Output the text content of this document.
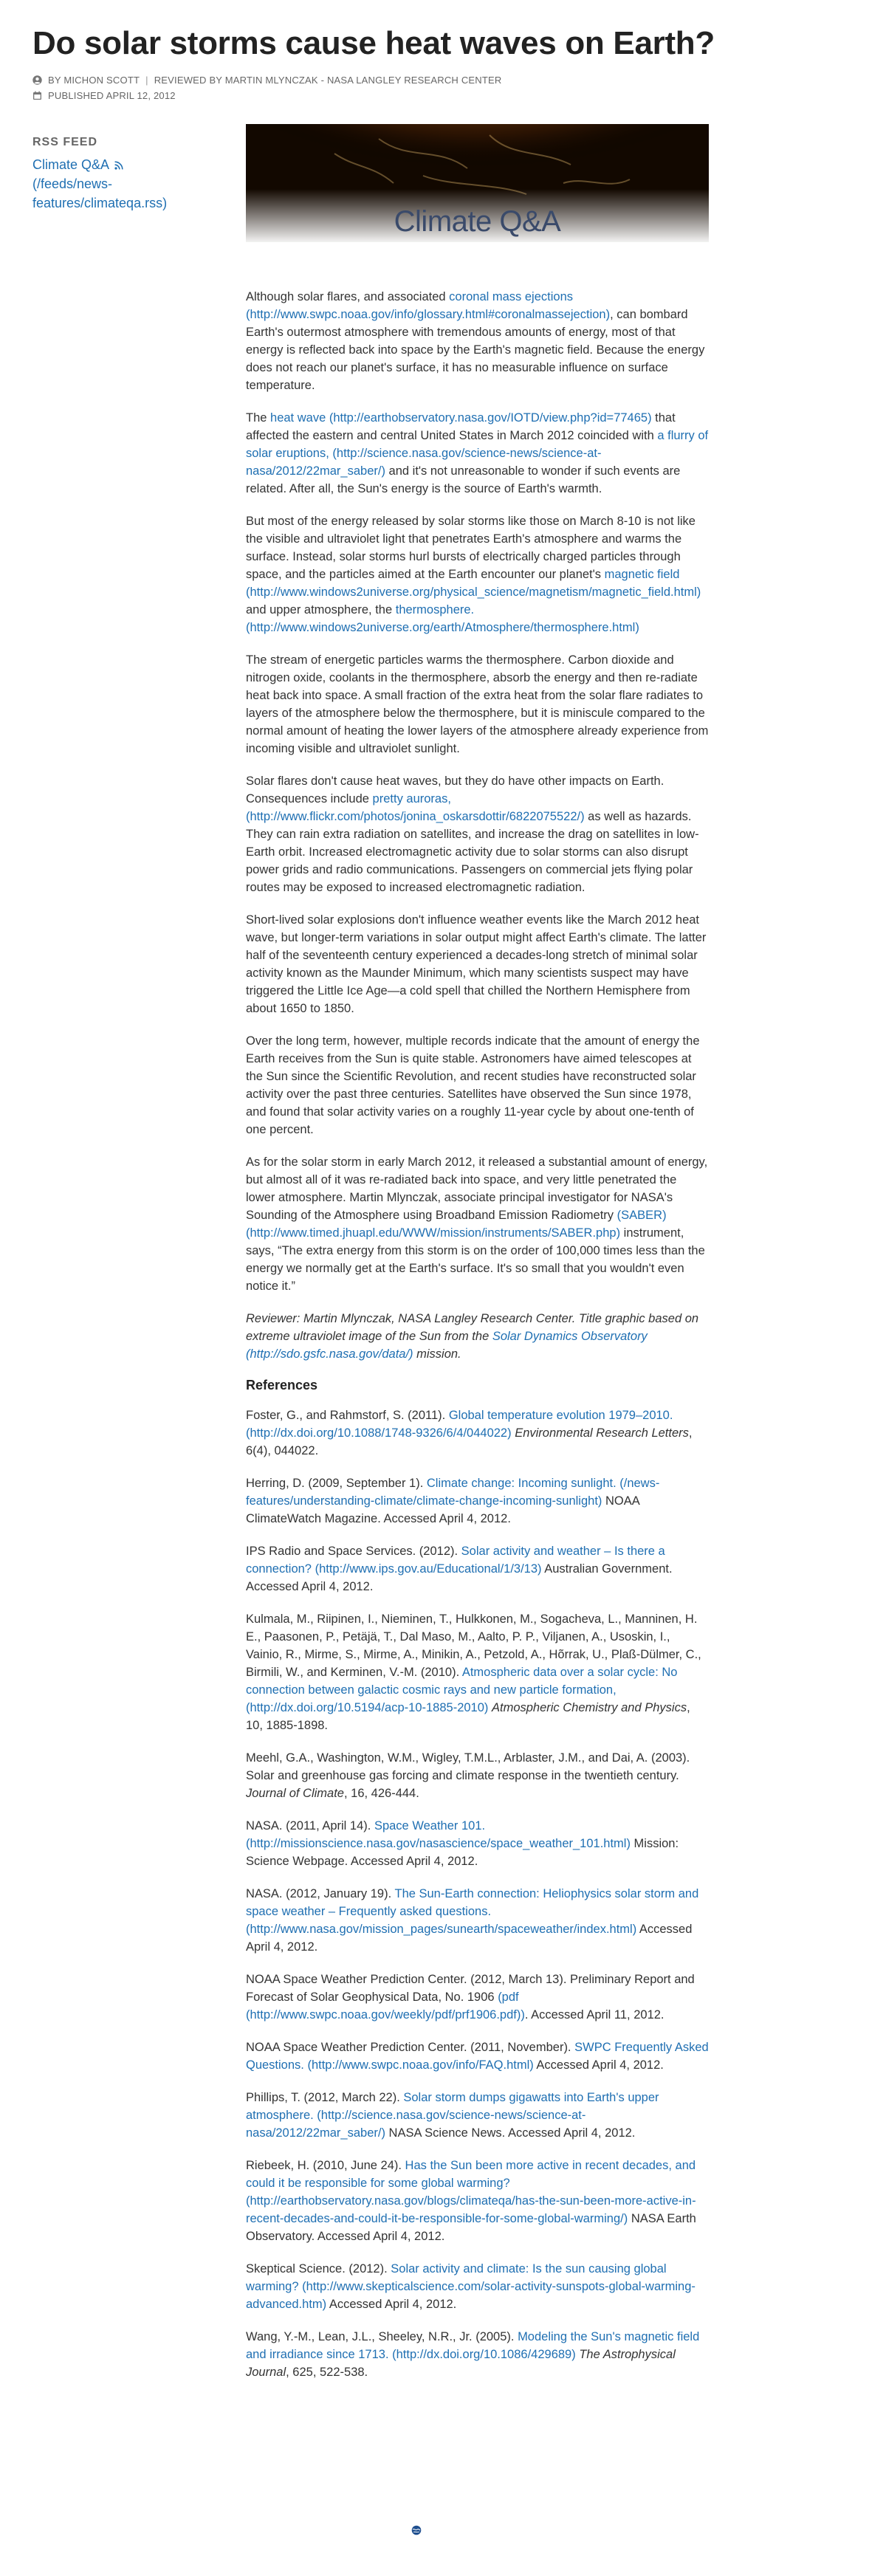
Do solar storms cause heat waves on Earth?
BY MICHON SCOTT | REVIEWED BY MARTIN MLYNCZAK - NASA LANGLEY RESEARCH CENTER
PUBLISHED APRIL 12, 2012
RSS FEED
Climate Q&A
(/feeds/news-features/climateqa.rss)
Climate Q&A

Although solar flares, and associated coronal mass ejections (http://www.swpc.noaa.gov/info/glossary.html#coronalmassejection), can bombard Earth's outermost atmosphere with tremendous amounts of energy, most of that energy is reflected back into space by the Earth's magnetic field. Because the energy does not reach our planet's surface, it has no measurable influence on surface temperature.

The heat wave (http://earthobservatory.nasa.gov/IOTD/view.php?id=77465) that affected the eastern and central United States in March 2012 coincided with a flurry of solar eruptions, (http://science.nasa.gov/science-news/science-at-nasa/2012/22mar_saber/) and it's not unreasonable to wonder if such events are related. After all, the Sun's energy is the source of Earth's warmth.

But most of the energy released by solar storms like those on March 8-10 is not like the visible and ultraviolet light that penetrates Earth's atmosphere and warms the surface. Instead, solar storms hurl bursts of electrically charged particles through space, and the particles aimed at the Earth encounter our planet's magnetic field (http://www.windows2universe.org/physical_science/magnetism/magnetic_field.html) and upper atmosphere, the thermosphere. (http://www.windows2universe.org/earth/Atmosphere/thermosphere.html)

The stream of energetic particles warms the thermosphere. Carbon dioxide and nitrogen oxide, coolants in the thermosphere, absorb the energy and then re-radiate heat back into space. A small fraction of the extra heat from the solar flare radiates to layers of the atmosphere below the thermosphere, but it is miniscule compared to the normal amount of heating the lower layers of the atmosphere already experience from incoming visible and ultraviolet sunlight.

Solar flares don't cause heat waves, but they do have other impacts on Earth. Consequences include pretty auroras, (http://www.flickr.com/photos/jonina_oskarsdottir/6822075522/) as well as hazards. They can rain extra radiation on satellites, and increase the drag on satellites in low-Earth orbit. Increased electromagnetic activity due to solar storms can also disrupt power grids and radio communications. Passengers on commercial jets flying polar routes may be exposed to increased electromagnetic radiation.

Short-lived solar explosions don't influence weather events like the March 2012 heat wave, but longer-term variations in solar output might affect Earth's climate. The latter half of the seventeenth century experienced a decades-long stretch of minimal solar activity known as the Maunder Minimum, which many scientists suspect may have triggered the Little Ice Age—a cold spell that chilled the Northern Hemisphere from about 1650 to 1850.

Over the long term, however, multiple records indicate that the amount of energy the Earth receives from the Sun is quite stable. Astronomers have aimed telescopes at the Sun since the Scientific Revolution, and recent studies have reconstructed solar activity over the past three centuries. Satellites have observed the Sun since 1978, and found that solar activity varies on a roughly 11-year cycle by about one-tenth of one percent.

As for the solar storm in early March 2012, it released a substantial amount of energy, but almost all of it was re-radiated back into space, and very little penetrated the lower atmosphere. Martin Mlynczak, associate principal investigator for NASA's Sounding of the Atmosphere using Broadband Emission Radiometry (SABER) (http://www.timed.jhuapl.edu/WWW/mission/instruments/SABER.php) instrument, says, “The extra energy from this storm is on the order of 100,000 times less than the energy we normally get at the Earth's surface. It's so small that you wouldn't even notice it.”

Reviewer: Martin Mlynczak, NASA Langley Research Center. Title graphic based on extreme ultraviolet image of the Sun from the Solar Dynamics Observatory (http://sdo.gsfc.nasa.gov/data/) mission.

References

Foster, G., and Rahmstorf, S. (2011). Global temperature evolution 1979–2010. (http://dx.doi.org/10.1088/1748-9326/6/4/044022) Environmental Research Letters, 6(4), 044022.

Herring, D. (2009, September 1). Climate change: Incoming sunlight. (/news-features/understanding-climate/climate-change-incoming-sunlight) NOAA ClimateWatch Magazine. Accessed April 4, 2012.

IPS Radio and Space Services. (2012). Solar activity and weather – Is there a connection? (http://www.ips.gov.au/Educational/1/3/13) Australian Government. Accessed April 4, 2012.

Kulmala, M., Riipinen, I., Nieminen, T., Hulkkonen, M., Sogacheva, L., Manninen, H. E., Paasonen, P., Petäjä, T., Dal Maso, M., Aalto, P. P., Viljanen, A., Usoskin, I., Vainio, R., Mirme, S., Mirme, A., Minikin, A., Petzold, A., Hõrrak, U., Plaß-Dülmer, C., Birmili, W., and Kerminen, V.-M. (2010). Atmospheric data over a solar cycle: No connection between galactic cosmic rays and new particle formation, (http://dx.doi.org/10.5194/acp-10-1885-2010) Atmospheric Chemistry and Physics, 10, 1885-1898.

Meehl, G.A., Washington, W.M., Wigley, T.M.L., Arblaster, J.M., and Dai, A. (2003). Solar and greenhouse gas forcing and climate response in the twentieth century. Journal of Climate, 16, 426-444.

NASA. (2011, April 14). Space Weather 101. (http://missionscience.nasa.gov/nasascience/space_weather_101.html) Mission: Science Webpage. Accessed April 4, 2012.

NASA. (2012, January 19). The Sun-Earth connection: Heliophysics solar storm and space weather – Frequently asked questions. (http://www.nasa.gov/mission_pages/sunearth/spaceweather/index.html) Accessed April 4, 2012.

NOAA Space Weather Prediction Center. (2012, March 13). Preliminary Report and Forecast of Solar Geophysical Data, No. 1906 (pdf (http://www.swpc.noaa.gov/weekly/pdf/prf1906.pdf)). Accessed April 11, 2012.

NOAA Space Weather Prediction Center. (2011, November). SWPC Frequently Asked Questions. (http://www.swpc.noaa.gov/info/FAQ.html) Accessed April 4, 2012.

Phillips, T. (2012, March 22). Solar storm dumps gigawatts into Earth's upper atmosphere. (http://science.nasa.gov/science-news/science-at-nasa/2012/22mar_saber/) NASA Science News. Accessed April 4, 2012.

Riebeek, H. (2010, June 24). Has the Sun been more active in recent decades, and could it be responsible for some global warming? (http://earthobservatory.nasa.gov/blogs/climateqa/has-the-sun-been-more-active-in-recent-decades-and-could-it-be-responsible-for-some-global-warming/) NASA Earth Observatory. Accessed April 4, 2012.

Skeptical Science. (2012). Solar activity and climate: Is the sun causing global warming? (http://www.skepticalscience.com/solar-activity-sunspots-global-warming-advanced.htm) Accessed April 4, 2012.

Wang, Y.-M., Lean, J.L., Sheeley, N.R., Jr. (2005). Modeling the Sun's magnetic field and irradiance since 1713. (http://dx.doi.org/10.1086/429689) The Astrophysical Journal, 625, 522-538.
